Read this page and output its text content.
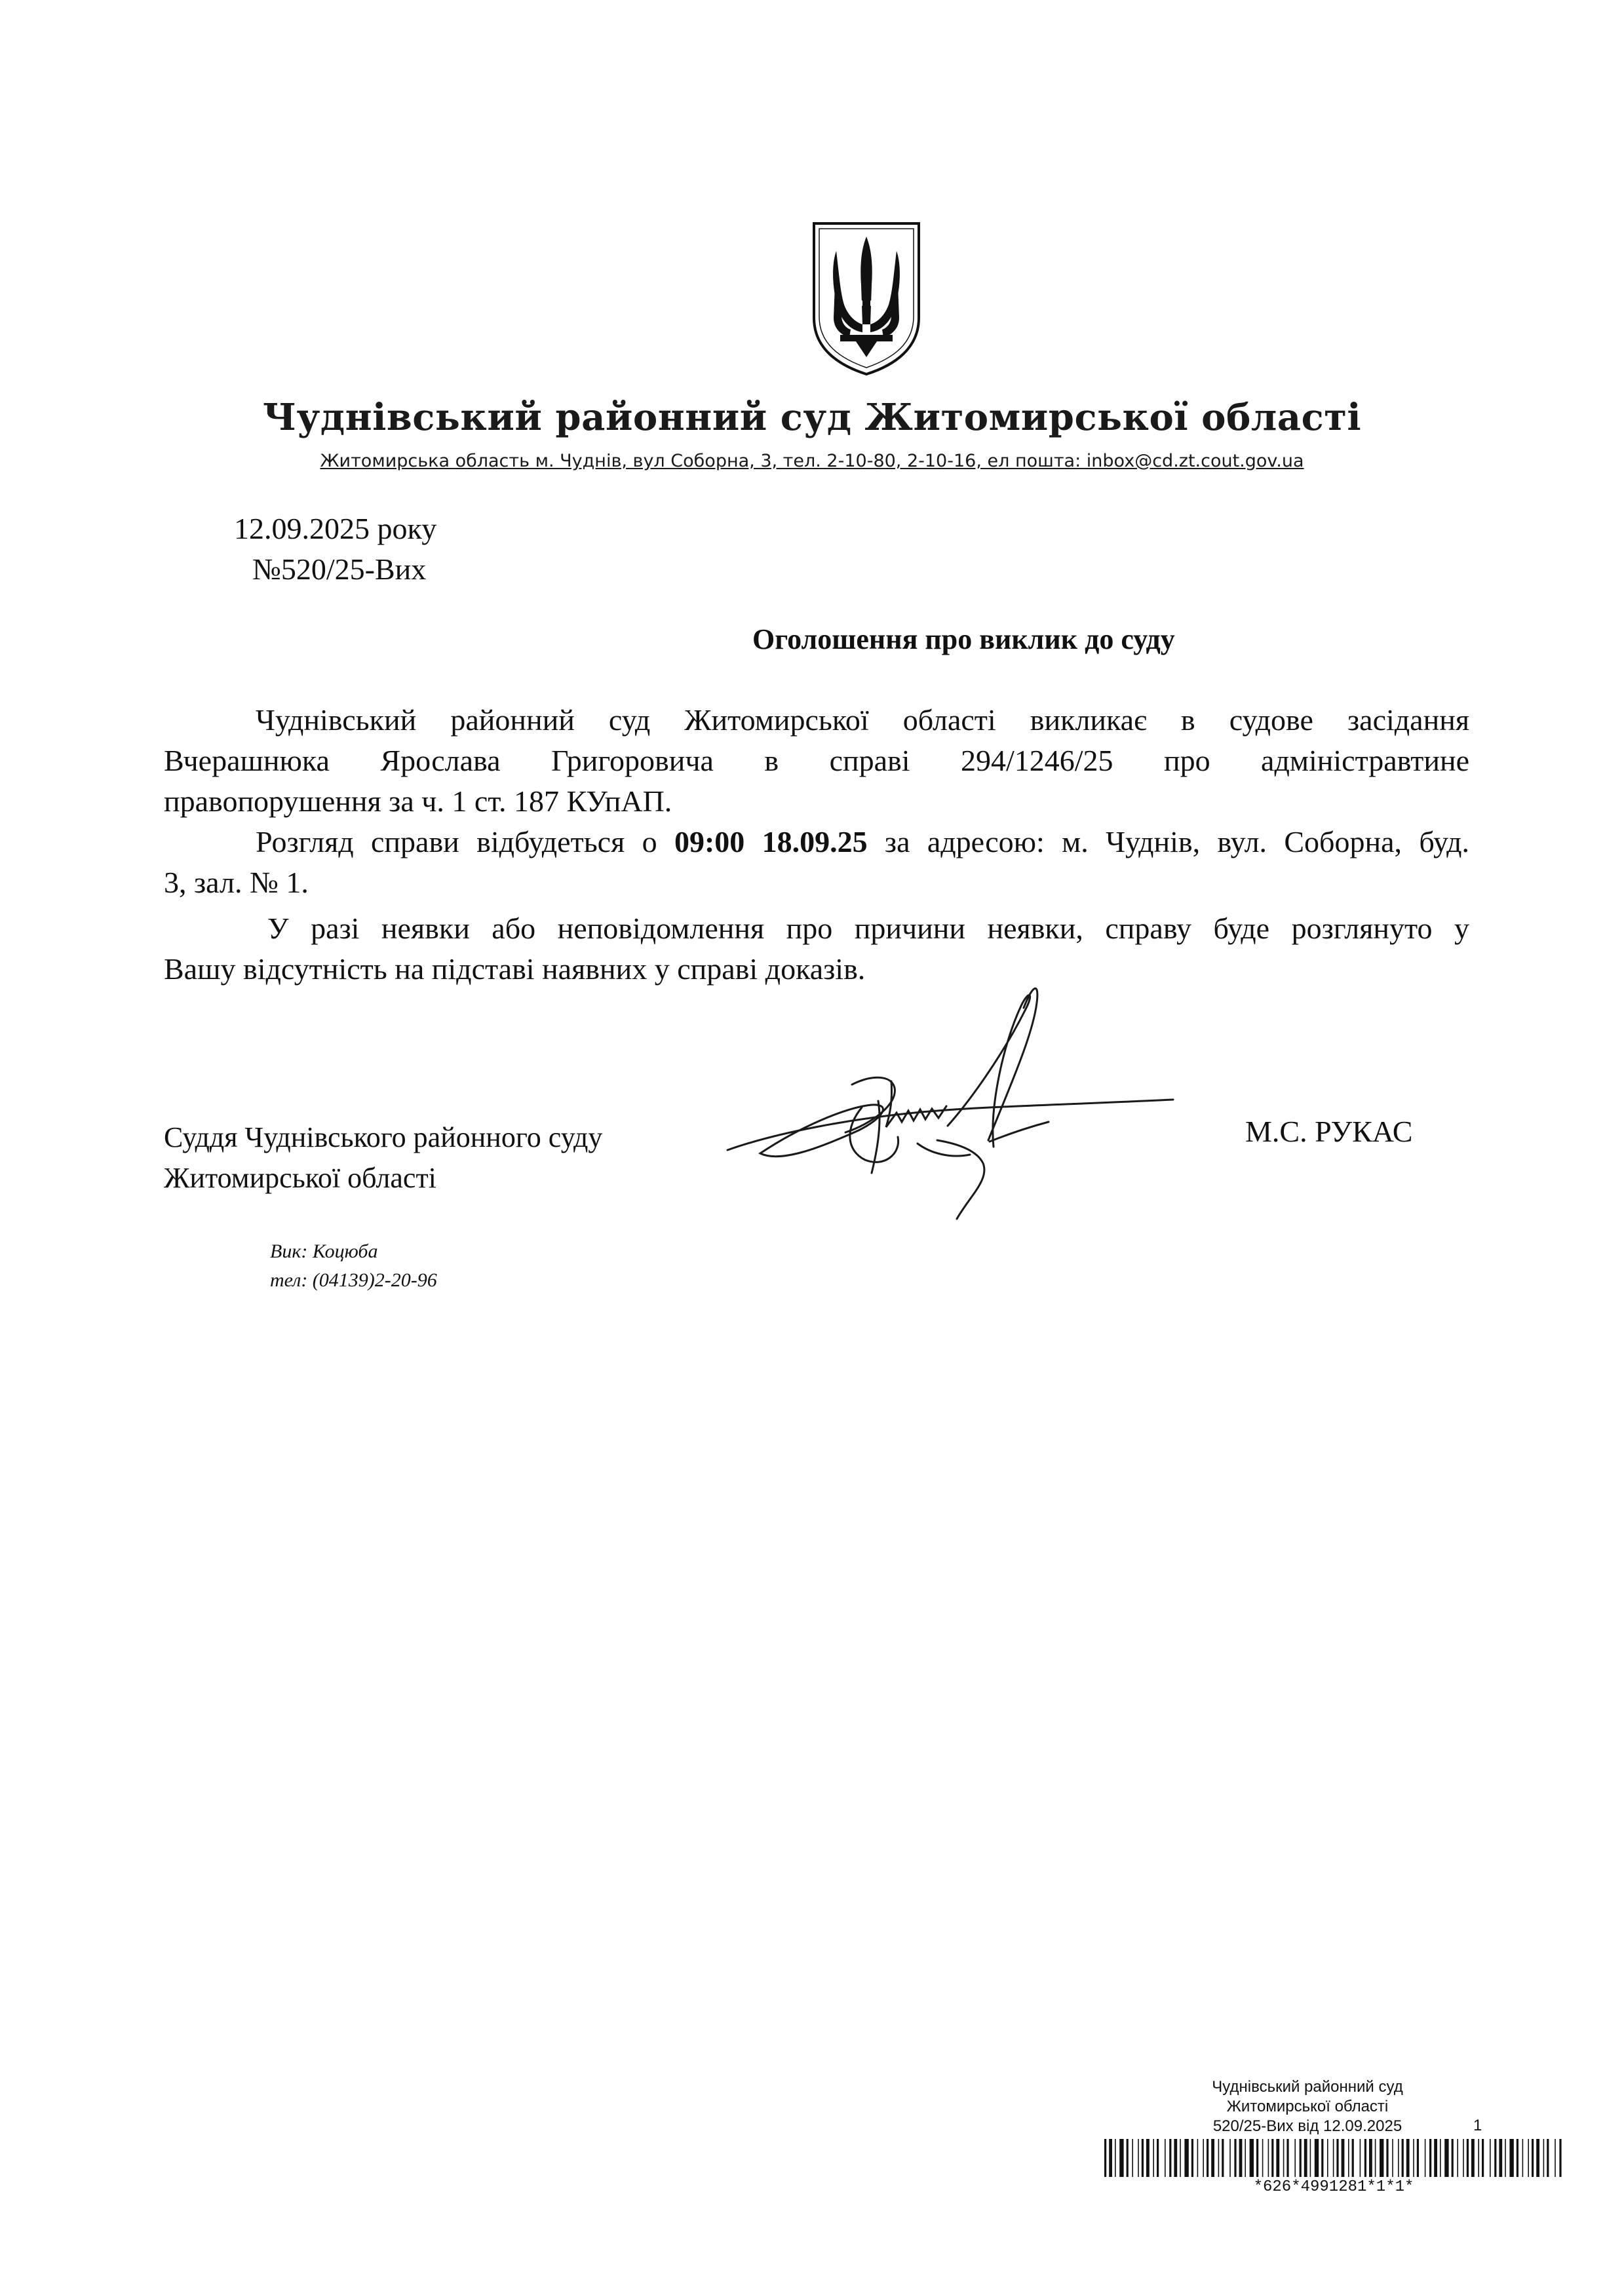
Чуднівський районний суд Житомирської області
Житомирська область м. Чуднів, вул Соборна, 3, тел. 2-10-80, 2-10-16, ел пошта: inbox@cd.zt.cout.gov.ua
12.09.2025 року
№520/25-Вих
Оголошення про виклик до суду
Чуднівський районний суд Житомирської області викликає в судове засідання
Вчерашнюка Ярослава Григоровича в справі 294/1246/25 про адміністравтине
правопорушення за ч. 1 ст. 187 КУпАП.
Розгляд справи відбудеться о 09:00 18.09.25 за адресою: м. Чуднів, вул. Соборна, буд.
3, зал. № 1.
У разі неявки або неповідомлення про причини неявки, справу буде розглянуто у
Вашу відсутність на підставі наявних у справі доказів.
Суддя Чуднівського районного суду
Житомирської області
М.С. РУКАС
Вик: Коцюба
тел: (04139)2-20-96
Чуднівський районний суд
Житомирської області
520/25-Вих від 12.09.2025	1
*626*4991281*1*1*
